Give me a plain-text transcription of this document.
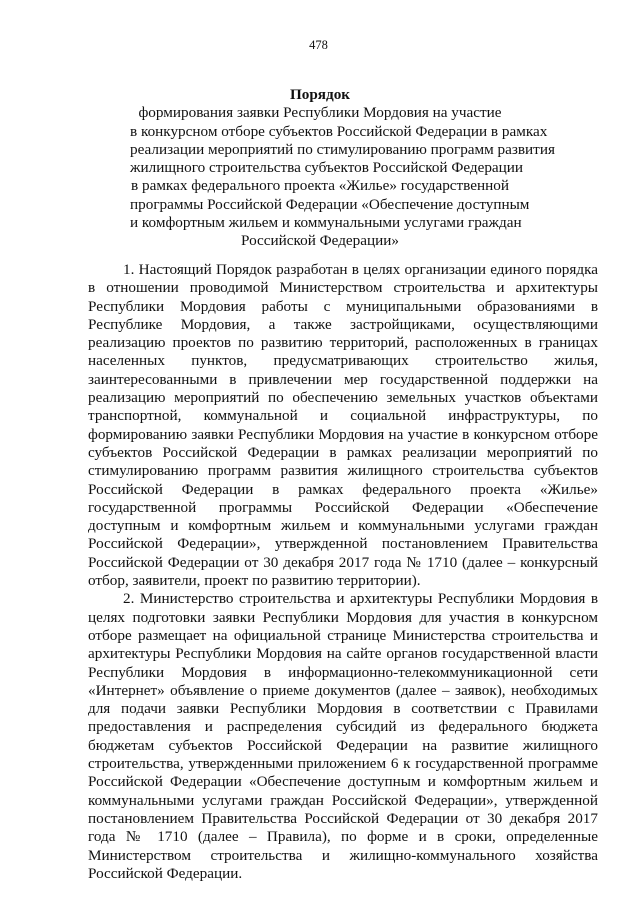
478
Порядок
формирования заявки Республики Мордовия на участие
в конкурсном отборе субъектов Российской Федерации в рамках
реализации мероприятий по стимулированию программ развития
жилищного строительства субъектов Российской Федерации
в рамках федерального проекта «Жилье» государственной
программы Российской Федерации «Обеспечение доступным
и комфортным жильем и коммунальными услугами граждан
Российской Федерации»

1. Настоящий Порядок разработан в целях организации единого порядка в отношении проводимой Министерством строительства и архитектуры Республики Мордовия работы с муниципальными образованиями в Республике Мордовия, а также застройщиками, осуществляющими реализацию проектов по развитию территорий, расположенных в границах населенных пунктов, предусматривающих строительство жилья, заинтересованными в привлечении мер государственной поддержки на реализацию мероприятий по обеспечению земельных участков объектами транспортной, коммунальной и социальной инфраструктуры, по формированию заявки Республики Мордовия на участие в конкурсном отборе субъектов Российской Федерации в рамках реализации мероприятий по стимулированию программ развития жилищного строительства субъектов Российской Федерации в рамках федерального проекта «Жилье» государственной программы Российской Федерации «Обеспечение доступным и комфортным жильем и коммунальными услугами граждан Российской Федерации», утвержденной постановлением Правительства Российской Федерации от 30 декабря 2017 года № 1710 (далее – конкурсный отбор, заявители, проект по развитию территории).

2. Министерство строительства и архитектуры Республики Мордовия в целях подготовки заявки Республики Мордовия для участия в конкурсном отборе размещает на официальной странице Министерства строительства и архитектуры Республики Мордовия на сайте органов государственной власти Республики Мордовия в информационно-телекоммуникационной сети «Интернет» объявление о приеме документов (далее – заявок), необходимых для подачи заявки Республики Мордовия в соответствии с Правилами предоставления и распределения субсидий из федерального бюджета бюджетам субъектов Российской Федерации на развитие жилищного строительства, утвержденными приложением 6 к государственной программе Российской Федерации «Обеспечение доступным и комфортным жильем и коммунальными услугами граждан Российской Федерации», утвержденной постановлением Правительства Российской Федерации от 30 декабря 2017 года № 1710 (далее – Правила), по форме и в сроки, определенные Министерством строительства и жилищно-коммунального хозяйства Российской Федерации.
